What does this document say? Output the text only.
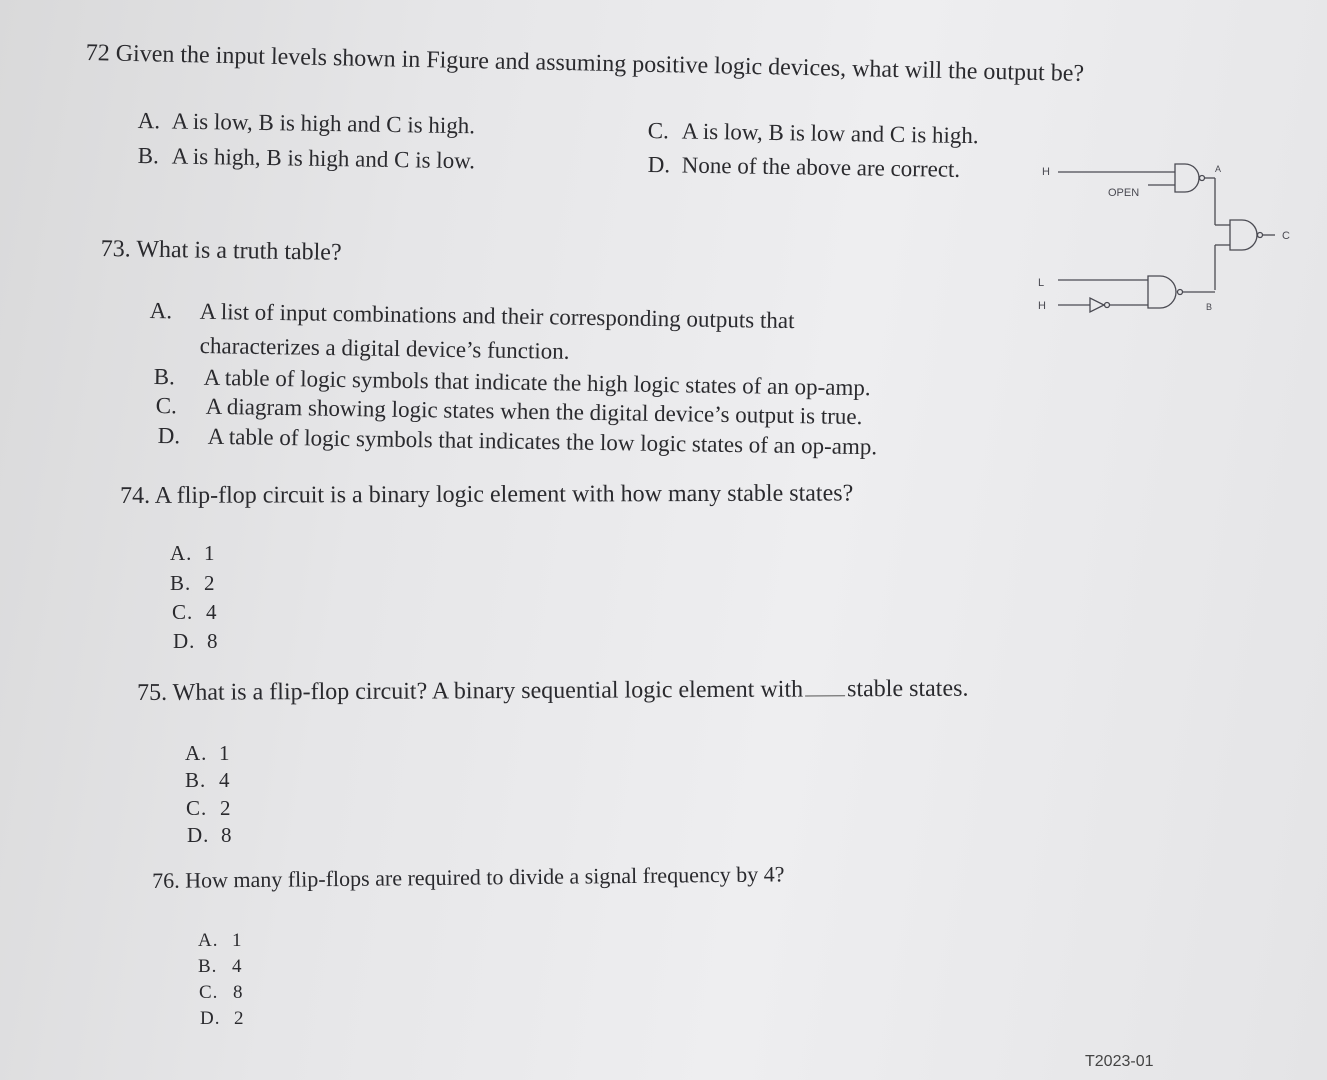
72 Given the input levels shown in Figure and assuming positive logic devices, what will the output be?
A. A is low, B is high and C is high.
B. A is high, B is high and C is low.
C. A is low, B is low and C is high.
D. None of the above are correct.	H
OPEN
A
C
L
H	B
73. What is a truth table?
A. A list of input combinations and their corresponding outputs that
characterizes a digital device’s function.
B. A table of logic symbols that indicate the high logic states of an op-amp.
C. A diagram showing logic states when the digital device’s output is true.
D. A table of logic symbols that indicates the low logic states of an op-amp.
74. A flip-flop circuit is a binary logic element with how many stable states?
A. 1
B. 2
C. 4
D. 8
75. What is a flip-flop circuit? A binary sequential logic element with stable states.
A. 1
B. 4
C. 2
D. 8
76. How many flip-flops are required to divide a signal frequency by 4?
A. 1
B. 4
C. 8
D. 2
T2023-01
